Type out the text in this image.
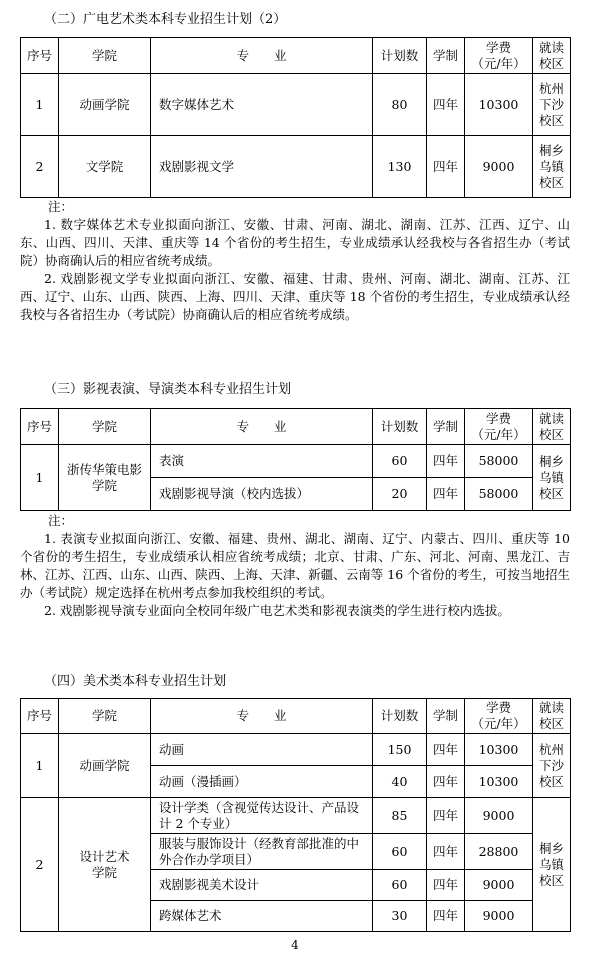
（二）广电艺术类本科专业招生计划（2）
序号	学院	专　　业	计划数	学制	学费
（元/年）	就读
校区
1	动画学院	数字媒体艺术	80	四年	10300	杭州
下沙
校区
2	文学院	戏剧影视文学	130	四年	9000	桐乡
乌镇
校区

注：

1. 数字媒体艺术专业拟面向浙江、安徽、甘肃、河南、湖北、湖南、江苏、江西、辽宁、山东、山西、四川、天津、重庆等 14 个省份的考生招生，专业成绩承认经我校与各省招生办（考试院）协商确认后的相应省统考成绩。

2. 戏剧影视文学专业拟面向浙江、安徽、福建、甘肃、贵州、河南、湖北、湖南、江苏、江西、辽宁、山东、山西、陕西、上海、四川、天津、重庆等 18 个省份的考生招生，专业成绩承认经我校与各省招生办（考试院）协商确认后的相应省统考成绩。

（三）影视表演、导演类本科专业招生计划
序号	学院	专　　业	计划数	学制	学费
（元/年）	就读
校区
1	浙传华策电影
学院	表演	60	四年	58000	桐乡
乌镇
校区
		戏剧影视导演（校内选拔）	20	四年	58000	

注：

1. 表演专业拟面向浙江、安徽、福建、贵州、湖北、湖南、辽宁、内蒙古、四川、重庆等 10 个省份的考生招生，专业成绩承认相应省统考成绩；北京、甘肃、广东、河北、河南、黑龙江、吉林、江苏、江西、山东、山西、陕西、上海、天津、新疆、云南等 16 个省份的考生，可按当地招生办（考试院）规定选择在杭州考点参加我校组织的考试。

2. 戏剧影视导演专业面向全校同年级广电艺术类和影视表演类的学生进行校内选拔。

（四）美术类本科专业招生计划
序号	学院	专　　业	计划数	学制	学费
（元/年）	就读
校区
1	动画学院	动画	150	四年	10300	杭州
下沙
校区
		动画（漫插画）	40	四年	10300	
2	设计艺术
学院	设计学类（含视觉传达设计、产品设
计 2 个专业）	85	四年	9000	桐乡
乌镇
校区
		服装与服饰设计（经教育部批准的中
外合作办学项目）	60	四年	28800	
		戏剧影视美术设计	60	四年	9000	
		跨媒体艺术	30	四年	9000	
4
